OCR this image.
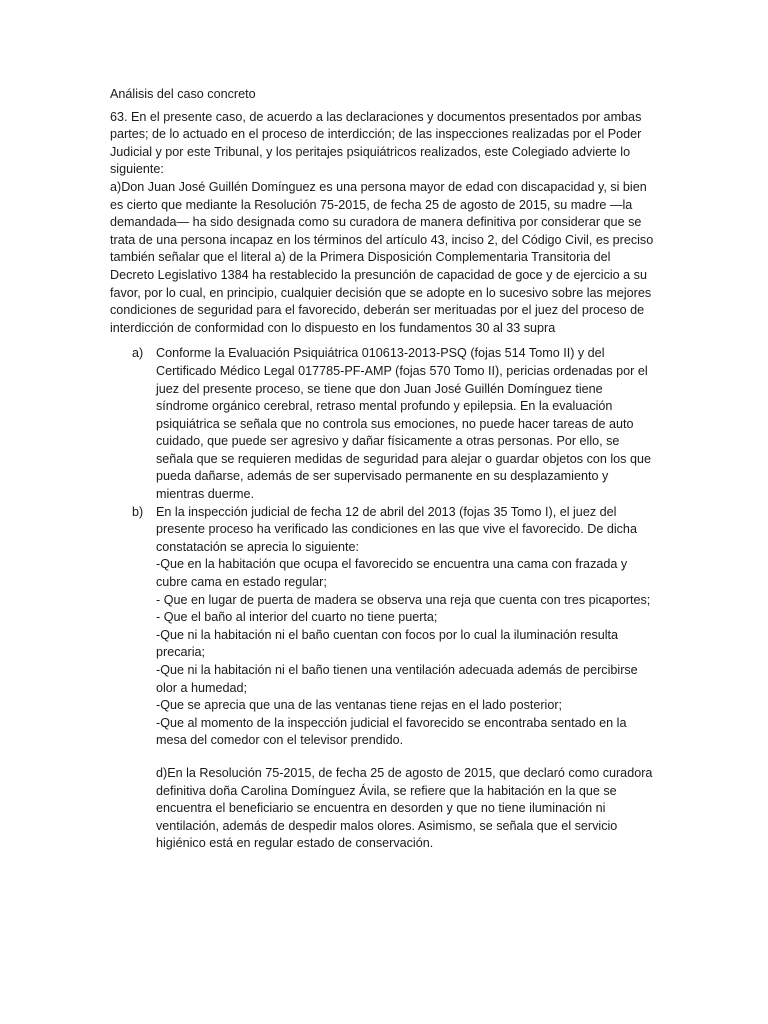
Análisis del caso concreto

63. En el presente caso, de acuerdo a las declaraciones y documentos presentados por ambas partes; de lo actuado en el proceso de interdicción; de las inspecciones realizadas por el Poder Judicial y por este Tribunal, y los peritajes psiquiátricos realizados, este Colegiado advierte lo siguiente:

a)Don Juan José Guillén Domínguez es una persona mayor de edad con discapacidad y, si bien es cierto que mediante la Resolución 75-2015, de fecha 25 de agosto de 2015, su madre —la demandada— ha sido designada como su curadora de manera definitiva por considerar que se trata de una persona incapaz en los términos del artículo 43, inciso 2, del Código Civil, es preciso también señalar que el literal a) de la Primera Disposición Complementaria Transitoria del Decreto Legislativo 1384 ha restablecido la presunción de capacidad de goce y de ejercicio a su favor, por lo cual, en principio, cualquier decisión que se adopte en lo sucesivo sobre las mejores condiciones de seguridad para el favorecido, deberán ser merituadas por el juez del proceso de interdicción de conformidad con lo dispuesto en los fundamentos 30 al 33 supra

a) Conforme la Evaluación Psiquiátrica 010613-2013-PSQ (fojas 514 Tomo II) y del Certificado Médico Legal 017785-PF-AMP (fojas 570 Tomo II), pericias ordenadas por el juez del presente proceso, se tiene que don Juan José Guillén Domínguez tiene síndrome orgánico cerebral, retraso mental profundo y epilepsia. En la evaluación psiquiátrica se señala que no controla sus emociones, no puede hacer tareas de auto cuidado, que puede ser agresivo y dañar físicamente a otras personas. Por ello, se señala que se requieren medidas de seguridad para alejar o guardar objetos con los que pueda dañarse, además de ser supervisado permanente en su desplazamiento y mientras duerme.
b) En la inspección judicial de fecha 12 de abril del 2013 (fojas 35 Tomo I), el juez del presente proceso ha verificado las condiciones en las que vive el favorecido. De dicha constatación se aprecia lo siguiente:
-Que en la habitación que ocupa el favorecido se encuentra una cama con frazada y cubre cama en estado regular;
- Que en lugar de puerta de madera se observa una reja que cuenta con tres picaportes;
- Que el baño al interior del cuarto no tiene puerta;
-Que ni la habitación ni el baño cuentan con focos por lo cual la iluminación resulta precaria;
-Que ni la habitación ni el baño tienen una ventilación adecuada además de percibirse olor a humedad;
-Que se aprecia que una de las ventanas tiene rejas en el lado posterior;
-Que al momento de la inspección judicial el favorecido se encontraba sentado en la mesa del comedor con el televisor prendido.

d)En la Resolución 75-2015, de fecha 25 de agosto de 2015, que declaró como curadora definitiva doña Carolina Domínguez Ávila, se refiere que la habitación en la que se encuentra el beneficiario se encuentra en desorden y que no tiene iluminación ni ventilación, además de despedir malos olores. Asimismo, se señala que el servicio higiénico está en regular estado de conservación.
